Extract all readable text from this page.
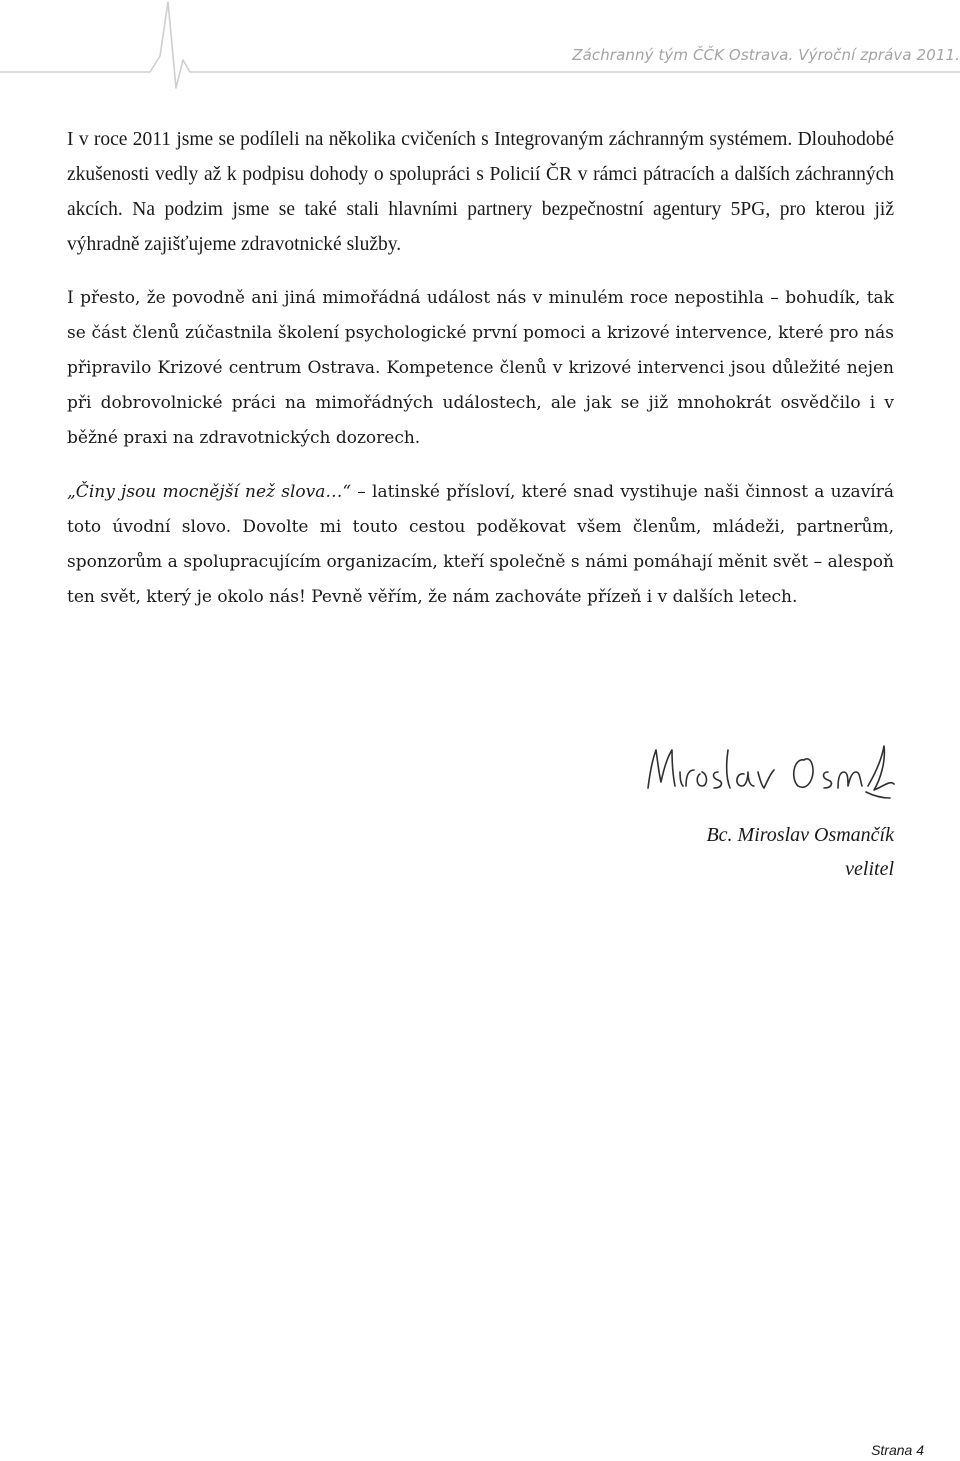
Záchranný tým ČČK Ostrava. Výroční zpráva 2011.

I v roce 2011 jsme se podíleli na několika cvičeních s Integrovaným záchranným systémem. Dlouhodobé zkušenosti vedly až k podpisu dohody o spolupráci s Policií ČR v rámci pátracích a dalších záchranných akcích. Na podzim jsme se také stali hlavními partnery bezpečnostní agentury 5PG, pro kterou již výhradně zajišťujeme zdravotnické služby.

I přesto, že povodně ani jiná mimořádná událost nás v minulém roce nepostihla – bohudík, tak se část členů zúčastnila školení psychologické první pomoci a krizové intervence, které pro nás připravilo Krizové centrum Ostrava. Kompetence členů v krizové intervenci jsou důležité nejen při dobrovolnické práci na mimořádných událostech, ale jak se již mnohokrát osvědčilo i v běžné praxi na zdravotnických dozorech.

„Činy jsou mocnější než slova…“ – latinské přísloví, které snad vystihuje naši činnost a uzavírá toto úvodní slovo. Dovolte mi touto cestou poděkovat všem členům, mládeži, partnerům, sponzorům a spolupracujícím organizacím, kteří společně s námi pomáhají měnit svět – alespoň ten svět, který je okolo nás! Pevně věřím, že nám zachováte přízeň i v dalších letech.

Bc. Miroslav Osmančík
velitel
Strana 4
